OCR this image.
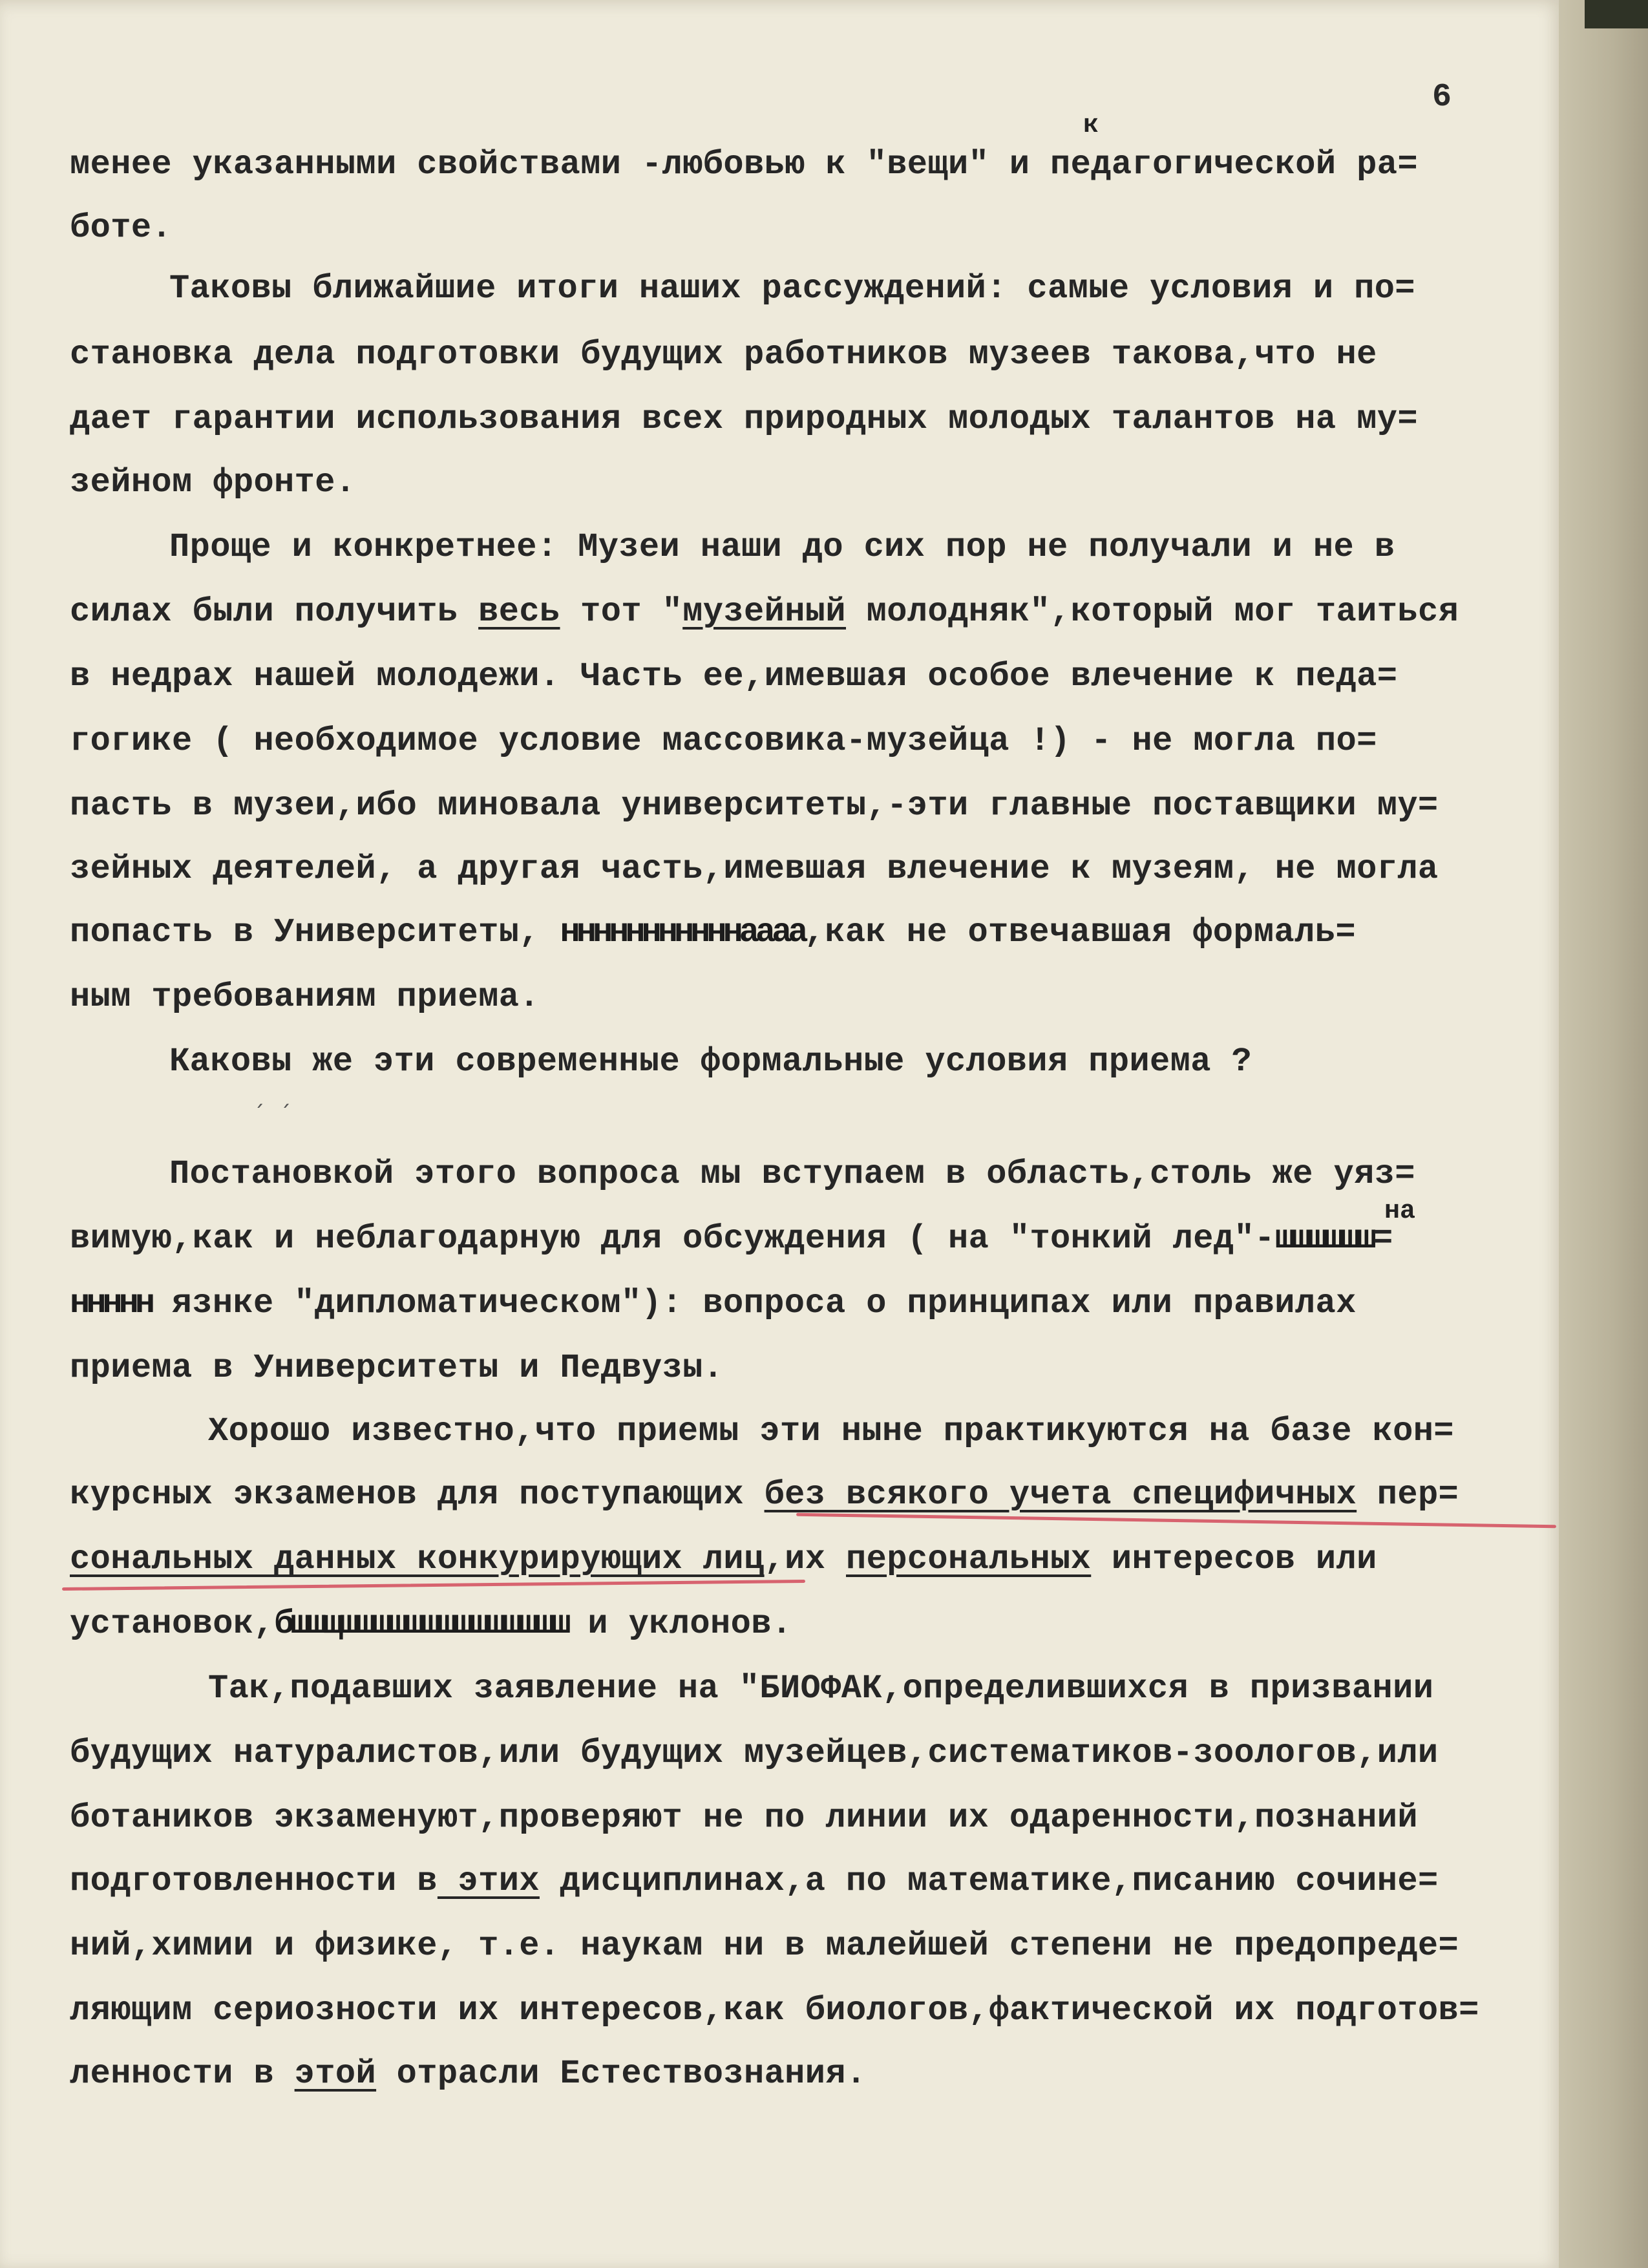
6
к
на

менее указанными свойствами -любовью к "вещи" и педагогической ра=

боте.

Таковы ближайшие итоги наших рассуждений: самые условия и по=

становка дела подготовки будущих работников музеев такова,что не

дает гарантии использования всех природных молодых талантов на му=

зейном фронте.

Проще и конкретнее: Музеи наши до сих пор не получали и не в

силах были получить весь тот "музейный молодняк",который мог таиться

в недрах нашей молодежи. Часть ее,имевшая особое влечение к педа=

гогике ( необходимое условие массовика-музейца !) - не могла по=

пасть в музеи,ибо миновала университеты,-эти главные поставщики му=

зейных деятелей, а другая часть,имевшая влечение к музеям, не могла

попасть в Университеты, нннннннннннаааа,как не отвечавшая формаль=

ным требованиям приема.

Каковы же эти современные формальные условия приема ?

՛ ՛

Постановкой этого вопроса мы вступаем в область,столь же уяз=

вимую,как и неблагодарную для обсуждения ( на "тонкий лед"-шшшшшш=

ннннн язнке "дипломатическом"): вопроса о принципах или правилах

приема в Университеты и Педвузы.

Хорошо известно,что приемы эти ныне практикуются на базе кон=

курсных экзаменов для поступающих без всякого учета специфичных пер=

сональных данных конкурирующих лиц,их персональных интересов или

установок,бшшщшшшшшшшшшшшшшш и уклонов.

Так,подавших заявление на "БИОФАК,определившихся в призвании

будущих натуралистов,или будущих музейцев,систематиков-зоологов,или

ботаников экзаменуют,проверяют не по линии их одаренности,познаний

подготовленности в этих дисциплинах,а по математике,писанию сочине=

ний,химии и физике, т.е. наукам ни в малейшей степени не предопреде=

ляющим сериозности их интересов,как биологов,фактической их подготов=

ленности в этой отрасли Естествознания.
